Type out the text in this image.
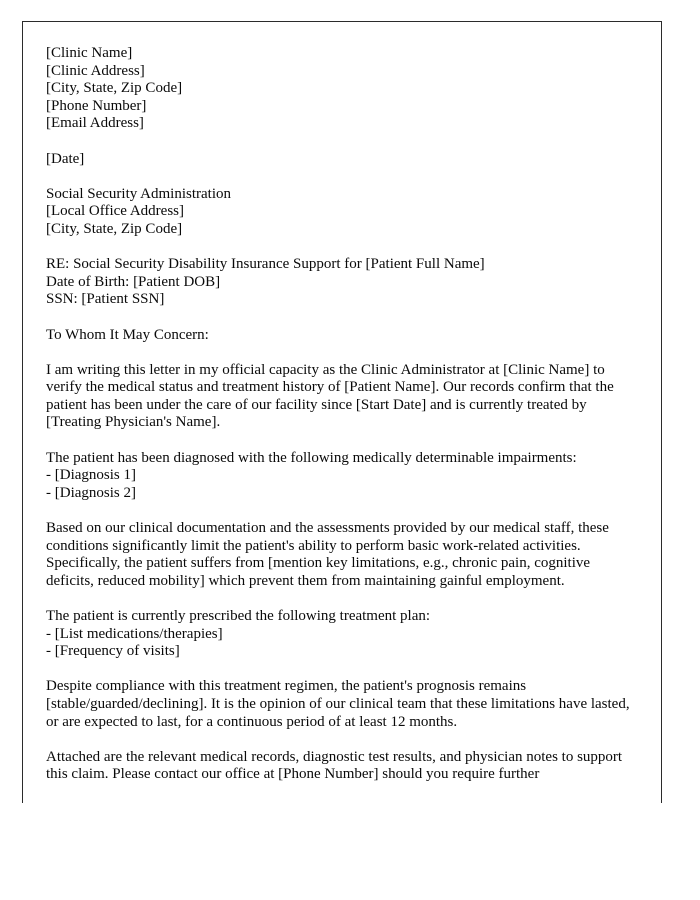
[Clinic Name]
[Clinic Address]
[City, State, Zip Code]
[Phone Number]
[Email Address]
[Date]
Social Security Administration
[Local Office Address]
[City, State, Zip Code]
RE: Social Security Disability Insurance Support for [Patient Full Name]
Date of Birth: [Patient DOB]
SSN: [Patient SSN]

To Whom It May Concern:

I am writing this letter in my official capacity as the Clinic Administrator at [Clinic Name] to verify the medical status and treatment history of [Patient Name]. Our records confirm that the patient has been under the care of our facility since [Start Date] and is currently treated by [Treating Physician's Name].

The patient has been diagnosed with the following medically determinable impairments:
- [Diagnosis 1]
- [Diagnosis 2]

Based on our clinical documentation and the assessments provided by our medical staff, these conditions significantly limit the patient's ability to perform basic work-related activities. Specifically, the patient suffers from [mention key limitations, e.g., chronic pain, cognitive deficits, reduced mobility] which prevent them from maintaining gainful employment.

The patient is currently prescribed the following treatment plan:
- [List medications/therapies]
- [Frequency of visits]

Despite compliance with this treatment regimen, the patient's prognosis remains [stable/guarded/declining]. It is the opinion of our clinical team that these limitations have lasted, or are expected to last, for a continuous period of at least 12 months.

Attached are the relevant medical records, diagnostic test results, and physician notes to support this claim. Please contact our office at [Phone Number] should you require further
